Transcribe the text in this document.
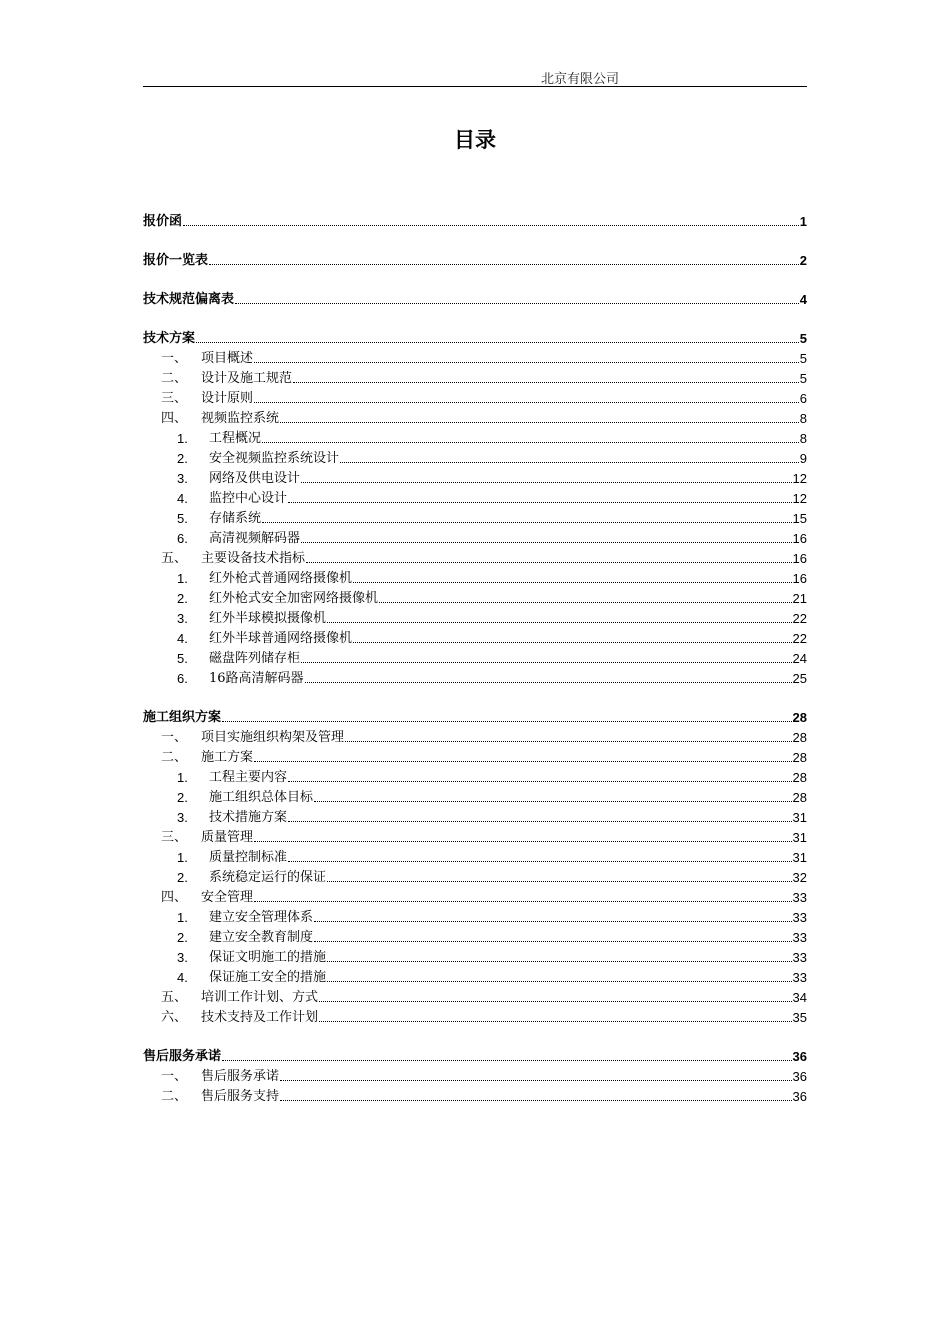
北京有限公司
目录
报价函	1
报价一览表	2
技术规范偏离表	4
技术方案	5
一、	项目概述	5
二、	设计及施工规范	5
三、	设计原则	6
四、	视频监控系统	8
1.	工程概况	8
2.	安全视频监控系统设计	9
3.	网络及供电设计	12
4.	监控中心设计	12
5.	存储系统	15
6.	高清视频解码器	16
五、	主要设备技术指标	16
1.	红外枪式普通网络摄像机	16
2.	红外枪式安全加密网络摄像机	21
3.	红外半球模拟摄像机	22
4.	红外半球普通网络摄像机	22
5.	磁盘阵列储存柜	24
6.	16路高清解码器	25
施工组织方案	28
一、	项目实施组织构架及管理	28
二、	施工方案	28
1.	工程主要内容	28
2.	施工组织总体目标	28
3.	技术措施方案	31
三、	质量管理	31
1.	质量控制标准	31
2.	系统稳定运行的保证	32
四、	安全管理	33
1.	建立安全管理体系	33
2.	建立安全教育制度	33
3.	保证文明施工的措施	33
4.	保证施工安全的措施	33
五、	培训工作计划、方式	34
六、	技术支持及工作计划	35
售后服务承诺	36
一、	售后服务承诺	36
二、	售后服务支持	36
